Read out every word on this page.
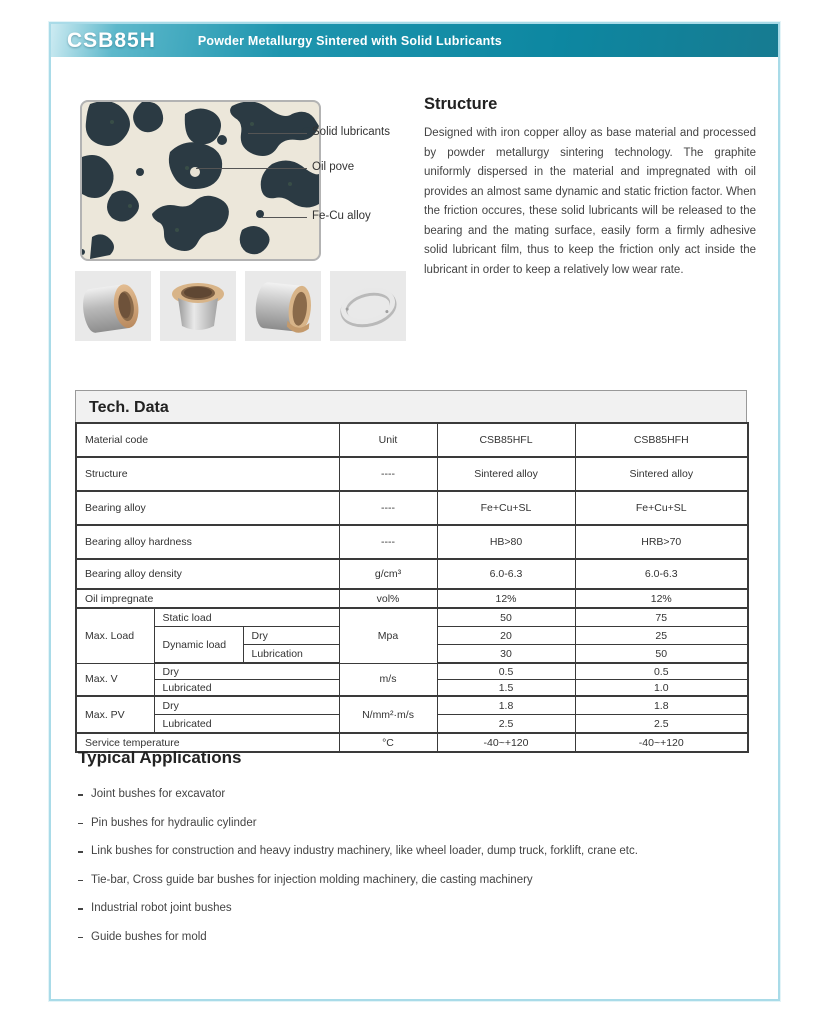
CSB85H	Powder Metallurgy Sintered with Solid Lubricants
Solid lubricants
Oil pove
Fe-Cu alloy
Structure

Designed with iron copper alloy as base material and processed by powder metallurgy sintering technology. The graphite uniformly dispersed in the material and impregnated with oil provides an almost same dynamic and static friction factor. When the friction occures, these solid lubricants will be released to the bearing and the mating surface, easily form a firmly adhesive solid lubricant film, thus to keep the friction only act inside the lubricant in order to keep a relatively low wear rate.

Tech. Data
Material code			Unit	CSB85HFL	CSB85HFH
Structure			----	Sintered alloy	Sintered alloy
Bearing alloy			----	Fe+Cu+SL	Fe+Cu+SL
Bearing alloy hardness			----	HB>80	HRB>70
Bearing alloy density			g/cm³	6.0-6.3	6.0-6.3
Oil impregnate			vol%	12%	12%
Max. Load	Static load		Mpa	50	75
	Dynamic load	Dry		20	25
		Lubrication		30	50
Max. V	Dry		m/s	0.5	0.5
	Lubricated			1.5	1.0
Max. PV	Dry		N/mm²·m/s	1.8	1.8
	Lubricated			2.5	2.5
Service temperature			°C	-40~+120	-40~+120
Typical Applications
Joint bushes for excavator
Pin bushes for hydraulic cylinder
Link bushes for construction and heavy industry machinery, like wheel loader, dump truck, forklift, crane etc.
Tie-bar, Cross guide bar bushes for injection molding machinery, die casting machinery
Industrial robot joint bushes
Guide bushes for mold
